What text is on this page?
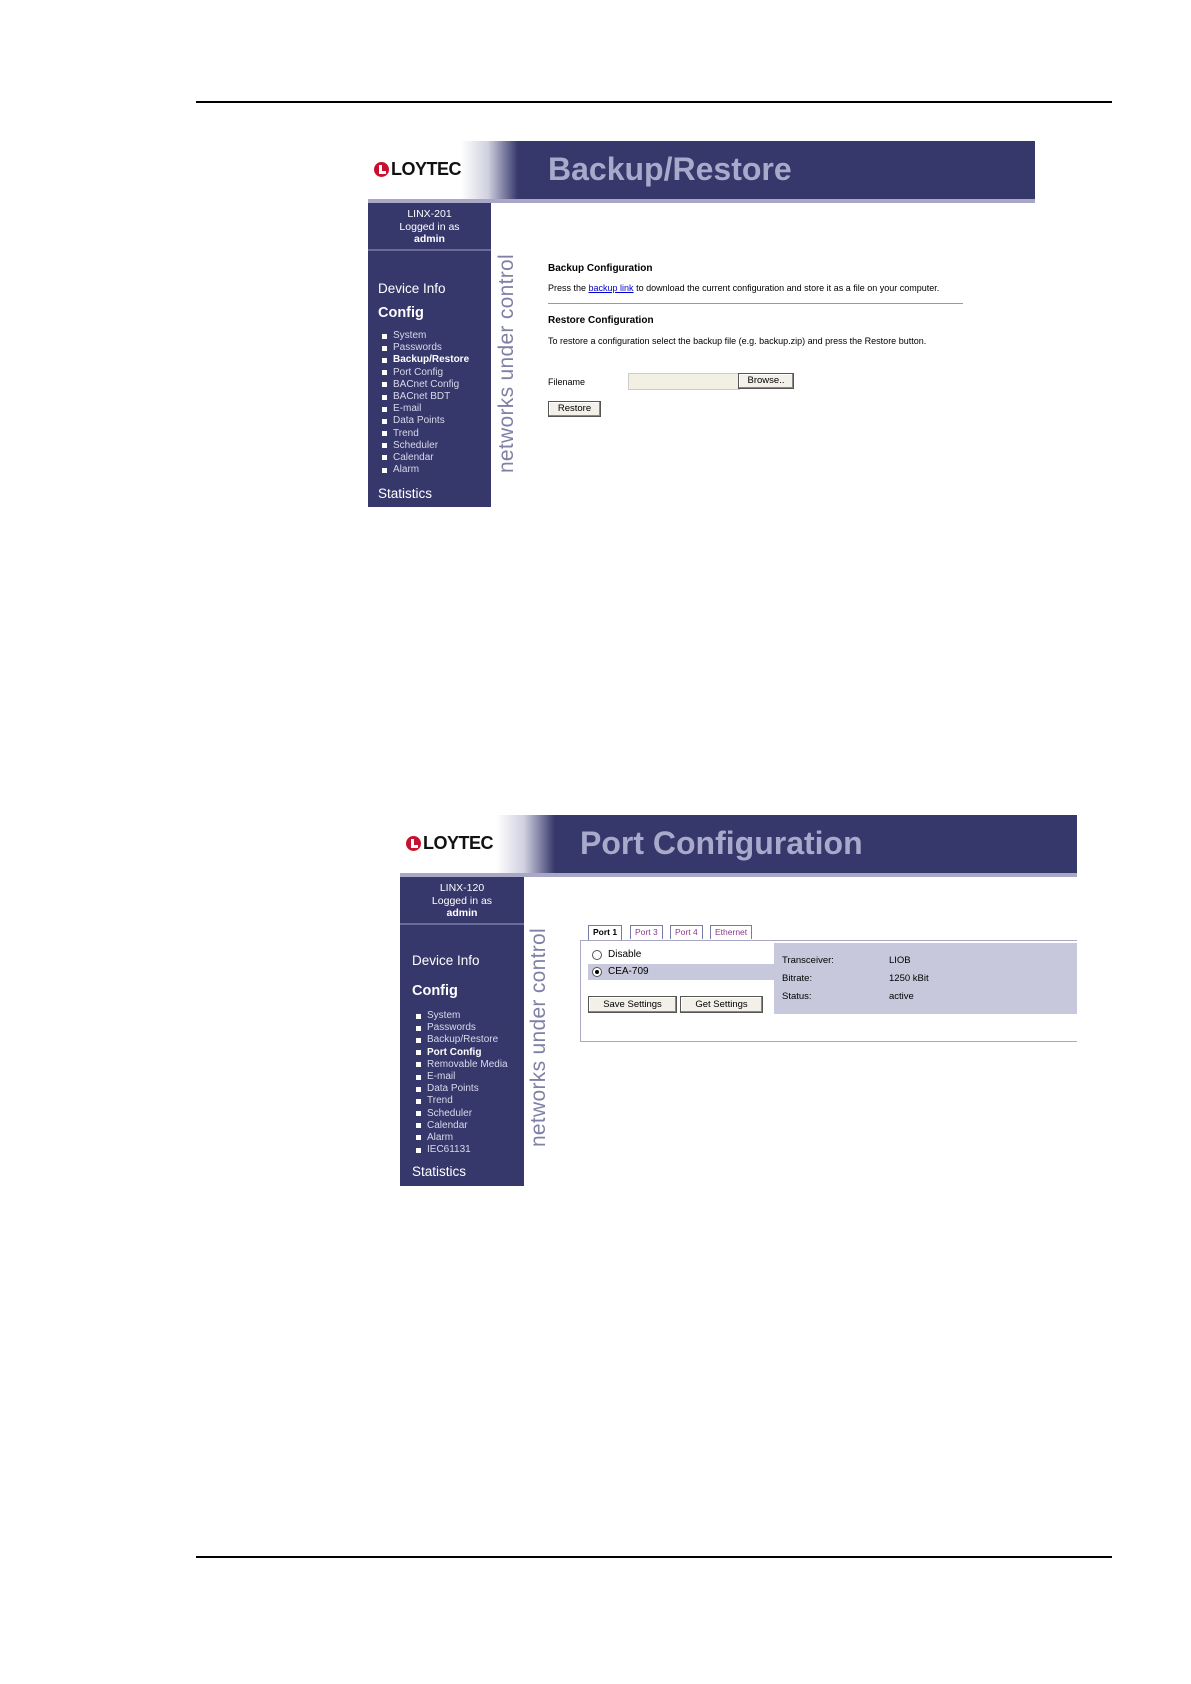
LOYTEC	Backup/Restore
LINX-201
Logged in as
admin
Device Info
Config
System
Passwords
Backup/Restore
Port Config
BACnet Config
BACnet BDT
E-mail
Data Points
Trend
Scheduler
Calendar
Alarm
Statistics
networks under control	Backup Configuration
Press the backup link to download the current configuration and store it as a file on your computer.
Restore Configuration
To restore a configuration select the backup file (e.g. backup.zip) and press the Restore button.
Filename	Browse..
Restore
LOYTEC	Port Configuration
LINX-120
Logged in as
admin
Device Info
Config
System
Passwords
Backup/Restore
Port Config
Removable Media
E-mail
Data Points
Trend
Scheduler
Calendar
Alarm
IEC61131
Statistics
networks under control	Port 1	Port 3	Port 4	Ethernet
Disable
CEA-709
Save Settings	Get Settings
Transceiver:	LIOB
Bitrate:	1250 kBit
Status:	active
